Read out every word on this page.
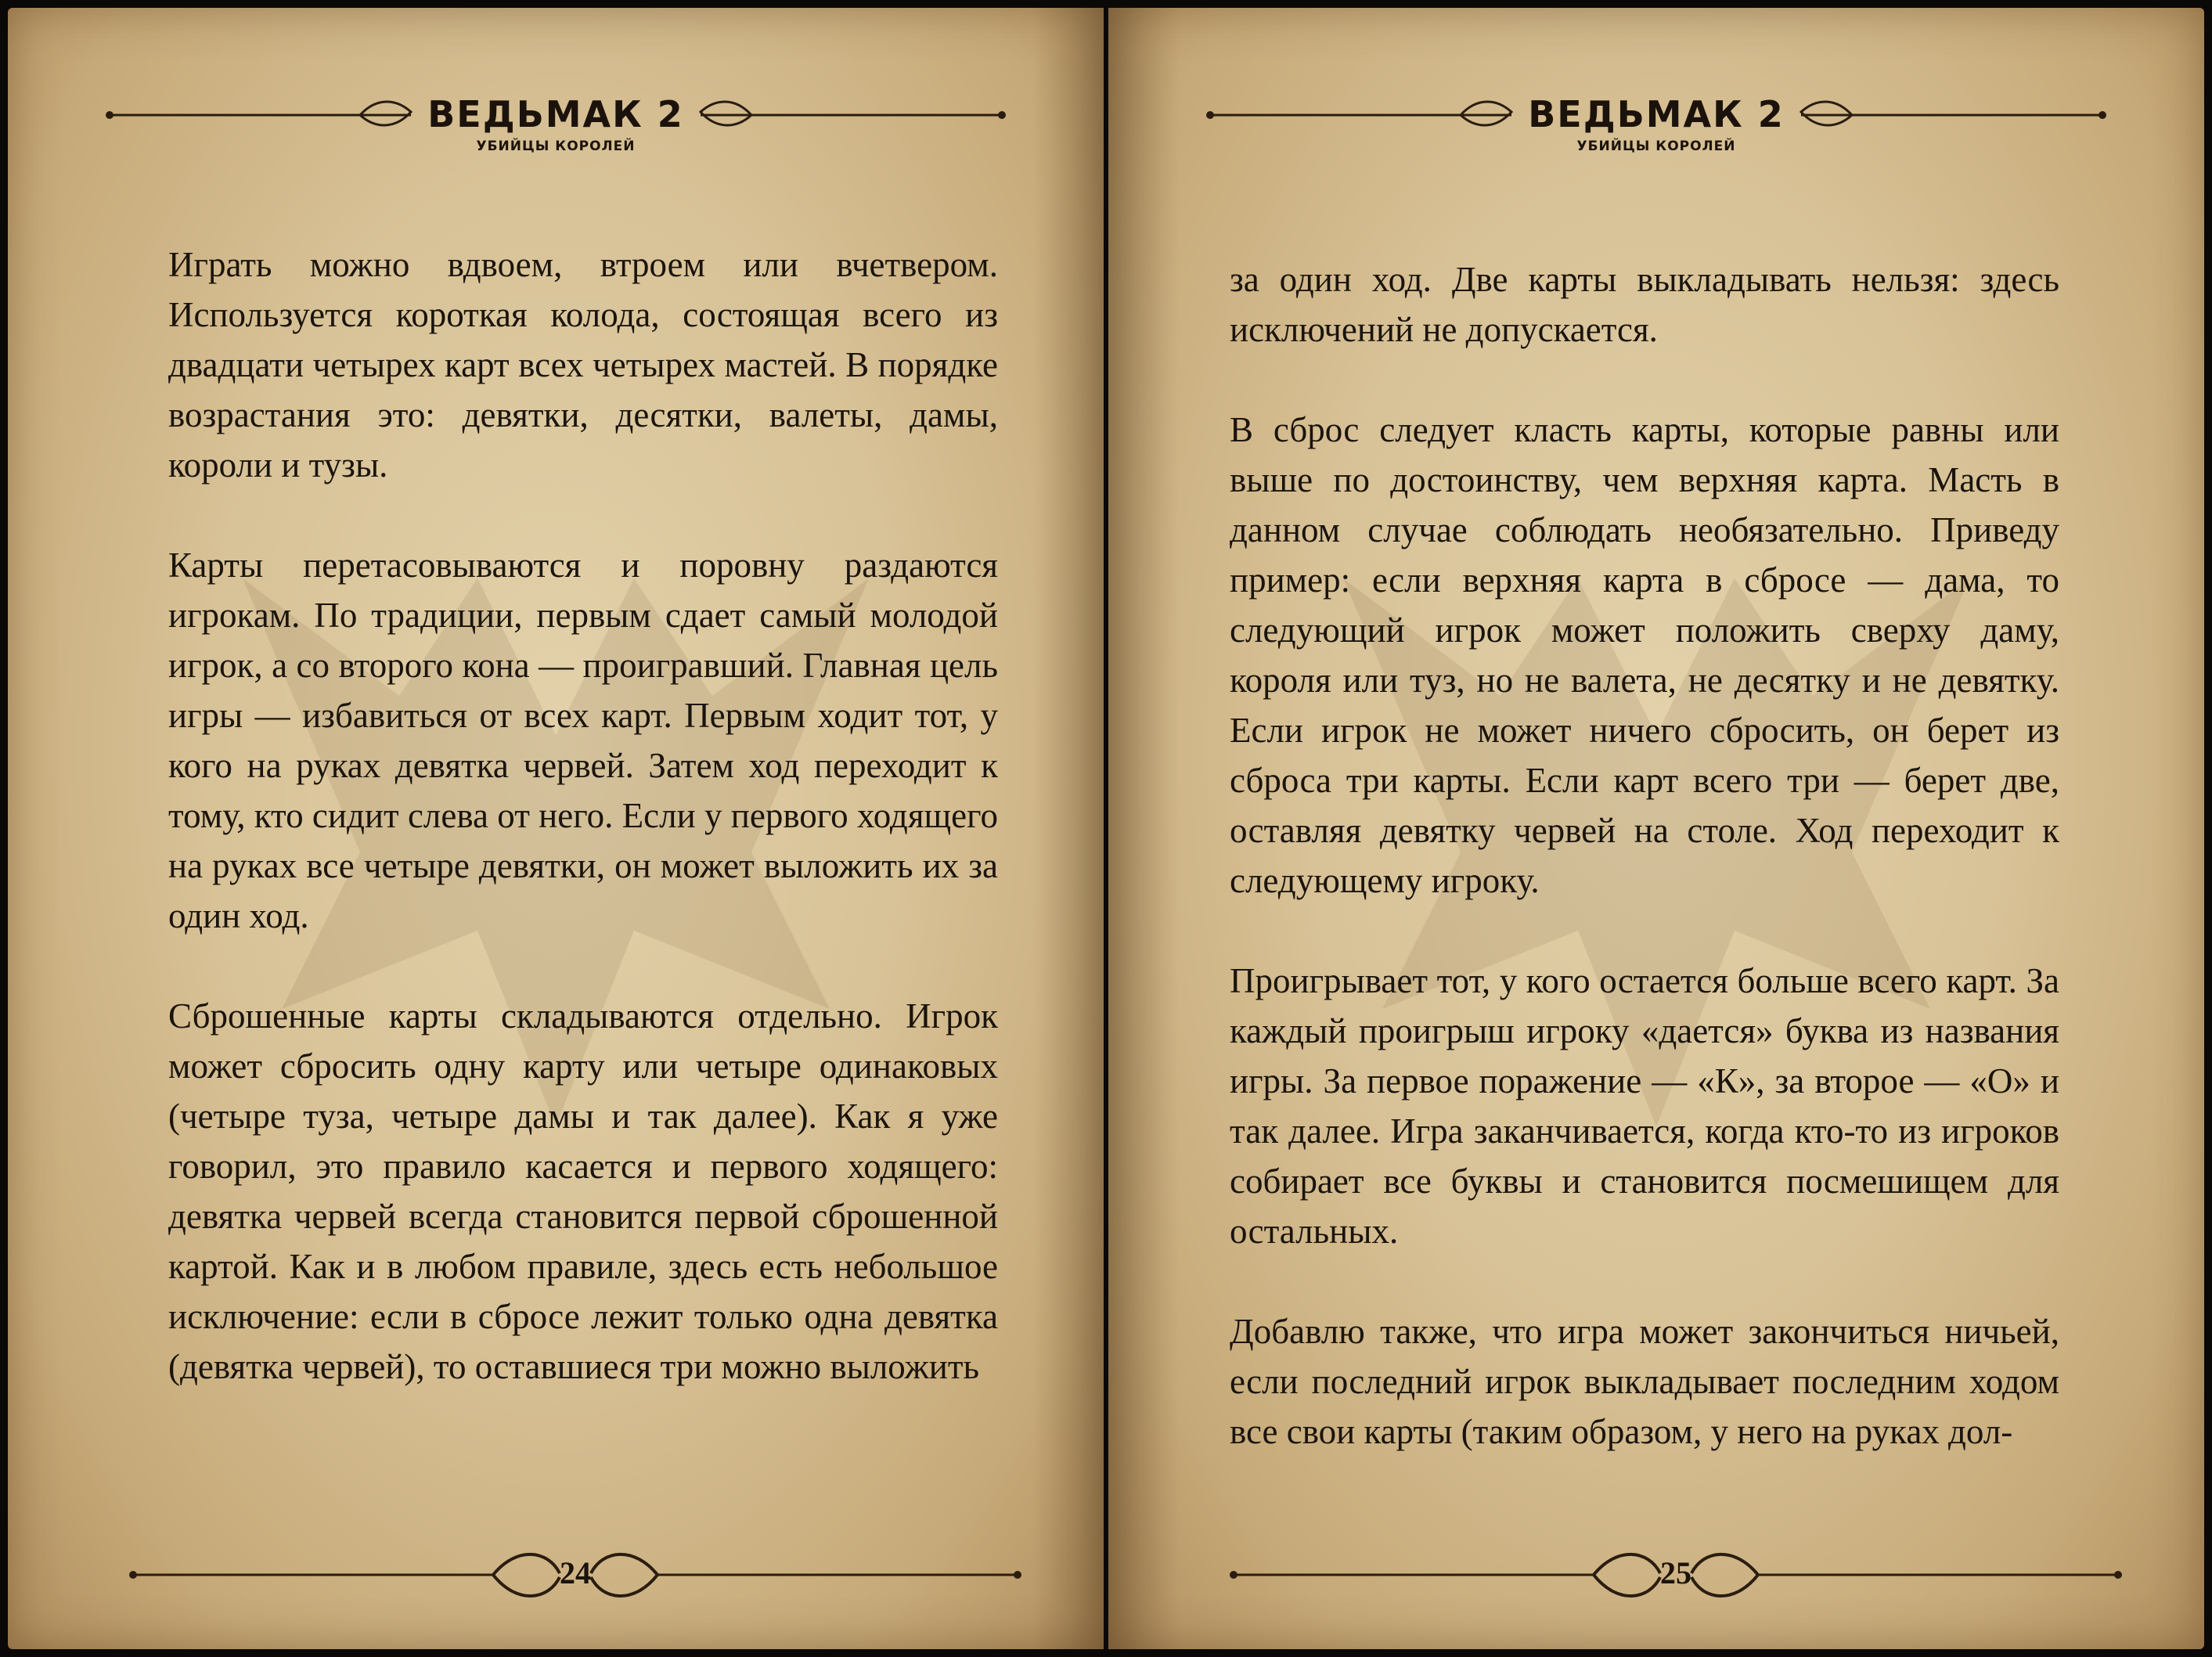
ВЕДЬМАК 2
УБИЙЦЫ КОРОЛЕЙ

Играть можно вдвоем, втроем или вчетвером. Используется короткая колода, состоящая всего из двадцати четырех карт всех четырех мастей. В порядке возрастания это: девятки, десятки, валеты, дамы, короли и тузы.

Карты перетасовываются и поровну раздаются игрокам. По традиции, первым сдает самый молодой игрок, а со второго кона — проигравший. Главная цель игры — избавиться от всех карт. Первым ходит тот, у кого на руках девятка червей. Затем ход переходит к тому, кто сидит слева от него. Если у первого ходящего на руках все четыре девятки, он может выложить их за один ход.

Сброшенные карты складываются отдельно. Игрок может сбросить одну карту или четыре одинаковых (четыре туза, четыре дамы и так далее). Как я уже говорил, это правило касается и первого ходящего: девятка червей всегда становится первой сброшенной картой. Как и в любом правиле, здесь есть небольшое исключение: если в сбросе лежит только одна девятка (девятка червей), то оставшиеся три можно выложить

24
ВЕДЬМАК 2
УБИЙЦЫ КОРОЛЕЙ

за один ход. Две карты выкладывать нельзя: здесь исключений не допускается.

В сброс следует класть карты, которые равны или выше по достоинству, чем верхняя карта. Масть в данном случае соблюдать необязательно. Приведу пример: если верхняя карта в сбросе — дама, то следующий игрок может положить сверху даму, короля или туз, но не валета, не десятку и не девятку. Если игрок не может ничего сбросить, он берет из сброса три карты. Если карт всего три — берет две, оставляя девятку червей на столе. Ход переходит к следующему игроку.

Проигрывает тот, у кого остается больше всего карт. За каждый проигрыш игроку «дается» буква из названия игры. За первое поражение — «К», за второе — «О» и так далее. Игра заканчивается, когда кто-то из игроков собирает все буквы и становится посмешищем для остальных.

Добавлю также, что игра может закончиться ничьей, если последний игрок выкладывает последним ходом все свои карты (таким образом, у него на руках дол-

25
